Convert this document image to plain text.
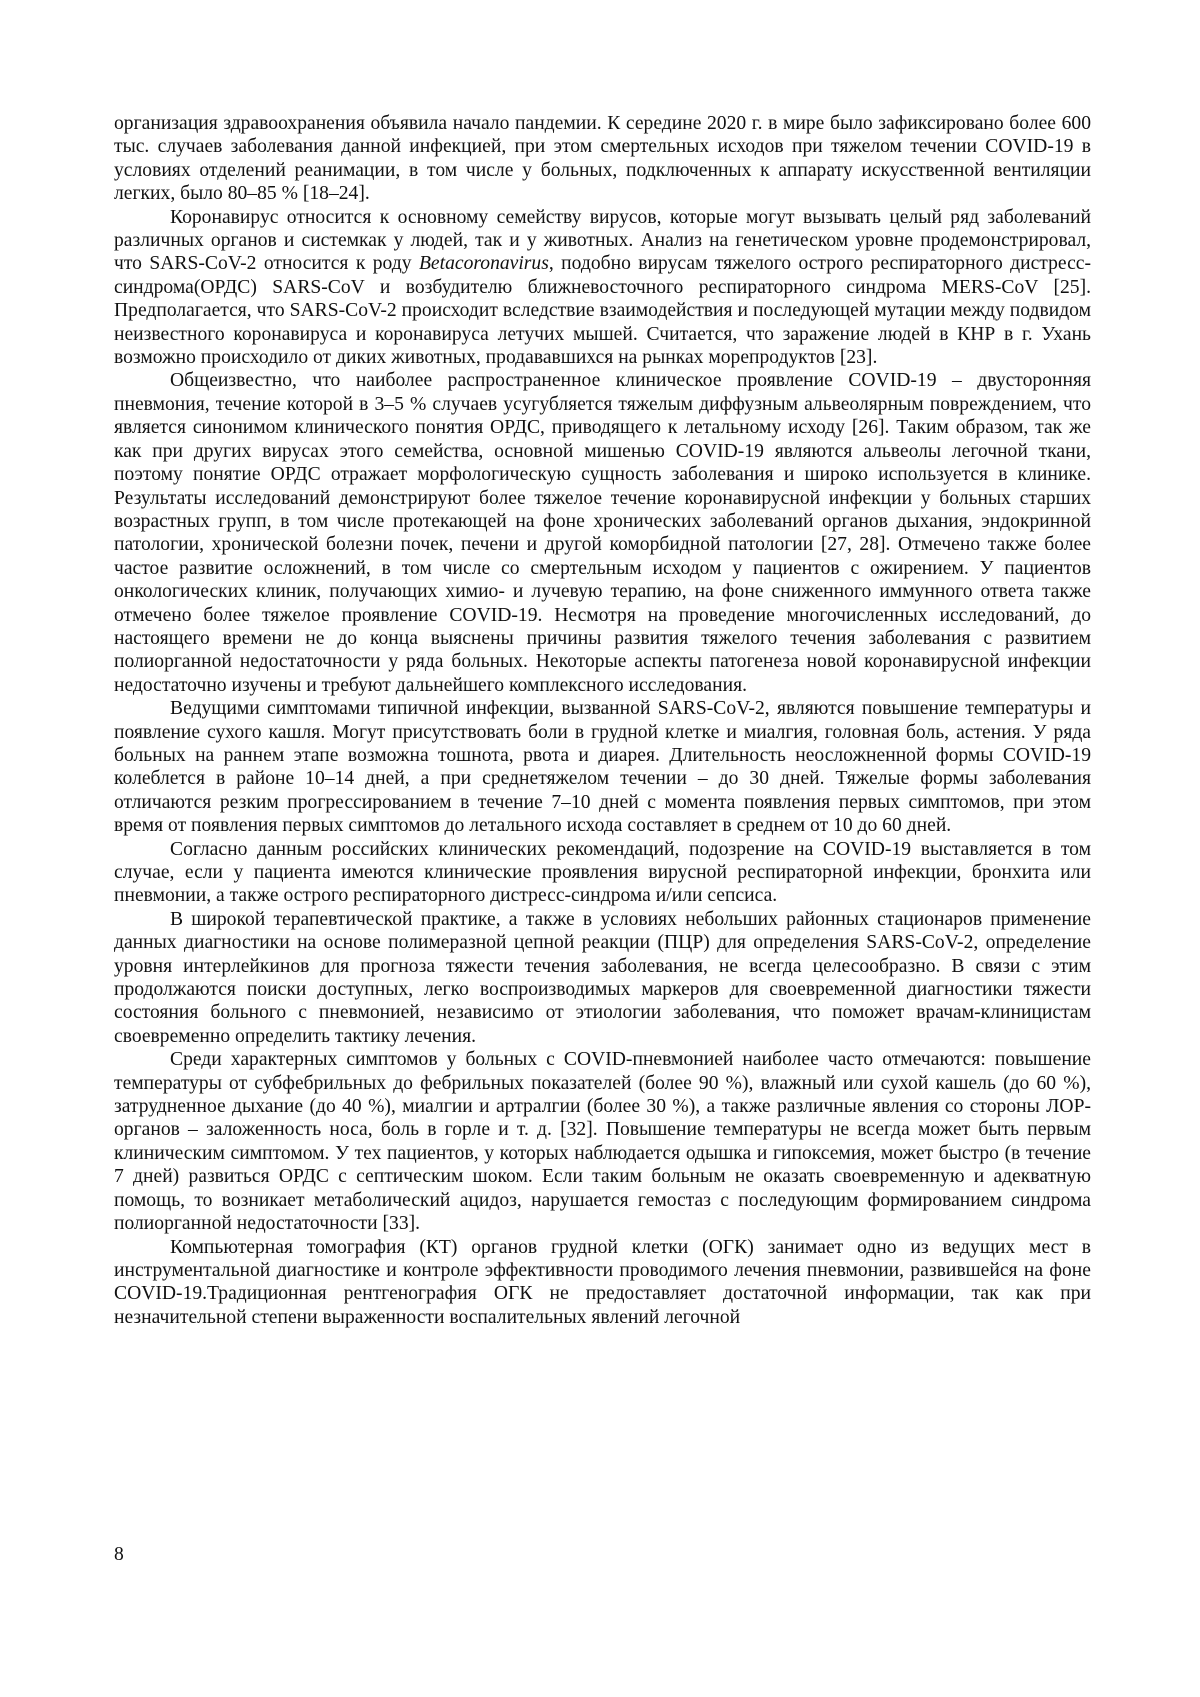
организация здравоохранения объявила начало пандемии. К середине 2020 г. в мире было зафиксировано более 600 тыс. случаев заболевания данной инфекцией, при этом смертельных исходов при тяжелом течении COVID-19 в условиях отделений реанимации, в том числе у больных, подключенных к аппарату искусственной вентиляции легких, было 80–85 % [18–24].

Коронавирус относится к основному семейству вирусов, которые могут вызывать целый ряд заболеваний различных органов и системкак у людей, так и у животных. Анализ на генетическом уровне продемонстрировал, что SARS-CoV-2 относится к роду Betacoronavirus, подобно вирусам тяжелого острого респираторного дистресс-синдрома(ОРДС) SARS-CoV и возбудителю ближневосточного респираторного синдрома MERS-CoV [25]. Предполагается, что SARS-CoV-2 происходит вследствие взаимодействия и последующей мутации между подвидом неизвестного коронавируса и коронавируса летучих мышей. Считается, что заражение людей в КНР в г. Ухань возможно происходило от диких животных, продававшихся на рынках морепродуктов [23].

Общеизвестно, что наиболее распространенное клиническое проявление COVID-19 – двусторонняя пневмония, течение которой в 3–5 % случаев усугубляется тяжелым диффузным альвеолярным повреждением, что является синонимом клинического понятия ОРДС, приводящего к летальному исходу [26]. Таким образом, так же как при других вирусах этого семейства, основной мишенью COVID-19 являются альвеолы легочной ткани, поэтому понятие ОРДС отражает морфологическую сущность заболевания и широко используется в клинике. Результаты исследований демонстрируют более тяжелое течение коронавирусной инфекции у больных старших возрастных групп, в том числе протекающей на фоне хронических заболеваний органов дыхания, эндокринной патологии, хронической болезни почек, печени и другой коморбидной патологии [27, 28]. Отмечено также более частое развитие осложнений, в том числе со смертельным исходом у пациентов с ожирением. У пациентов онкологических клиник, получающих химио- и лучевую терапию, на фоне сниженного иммунного ответа также отмечено более тяжелое проявление COVID-19. Несмотря на проведение многочисленных исследований, до настоящего времени не до конца выяснены причины развития тяжелого течения заболевания с развитием полиорганной недостаточности у ряда больных. Некоторые аспекты патогенеза новой коронавирусной инфекции недостаточно изучены и требуют дальнейшего комплексного исследования.

Ведущими симптомами типичной инфекции, вызванной SARS-CoV-2, являются повышение температуры и появление сухого кашля. Могут присутствовать боли в грудной клетке и миалгия, головная боль, астения. У ряда больных на раннем этапе возможна тошнота, рвота и диарея. Длительность неосложненной формы COVID-19 колеблется в районе 10–14 дней, а при среднетяжелом течении – до 30 дней. Тяжелые формы заболевания отличаются резким прогрессированием в течение 7–10 дней с момента появления первых симптомов, при этом время от появления первых симптомов до летального исхода составляет в среднем от 10 до 60 дней.

Согласно данным российских клинических рекомендаций, подозрение на COVID-19 выставляется в том случае, если у пациента имеются клинические проявления вирусной респираторной инфекции, бронхита или пневмонии, а также острого респираторного дистресс-синдрома и/или сепсиса.

В широкой терапевтической практике, а также в условиях небольших районных стационаров применение данных диагностики на основе полимеразной цепной реакции (ПЦР) для определения SARS-CoV-2, определение уровня интерлейкинов для прогноза тяжести течения заболевания, не всегда целесообразно. В связи с этим продолжаются поиски доступных, легко воспроизводимых маркеров для своевременной диагностики тяжести состояния больного с пневмонией, независимо от этиологии заболевания, что поможет врачам-клиницистам своевременно определить тактику лечения.

Среди характерных симптомов у больных с COVID-пневмонией наиболее часто отмечаются: повышение температуры от субфебрильных до фебрильных показателей (более 90 %), влажный или сухой кашель (до 60 %), затрудненное дыхание (до 40 %), миалгии и артралгии (более 30 %), а также различные явления со стороны ЛОР-органов – заложенность носа, боль в горле и т. д. [32]. Повышение температуры не всегда может быть первым клиническим симптомом. У тех пациентов, у которых наблюдается одышка и гипоксемия, может быстро (в течение 7 дней) развиться ОРДС с септическим шоком. Если таким больным не оказать своевременную и адекватную помощь, то возникает метаболический ацидоз, нарушается гемостаз с последующим формированием синдрома полиорганной недостаточности [33].

Компьютерная томография (КТ) органов грудной клетки (ОГК) занимает одно из ведущих мест в инструментальной диагностике и контроле эффективности проводимого лечения пневмонии, развившейся на фоне COVID-19.Традиционная рентгенография ОГК не предоставляет достаточной информации, так как при незначительной степени выраженности воспалительных явлений легочной

8
